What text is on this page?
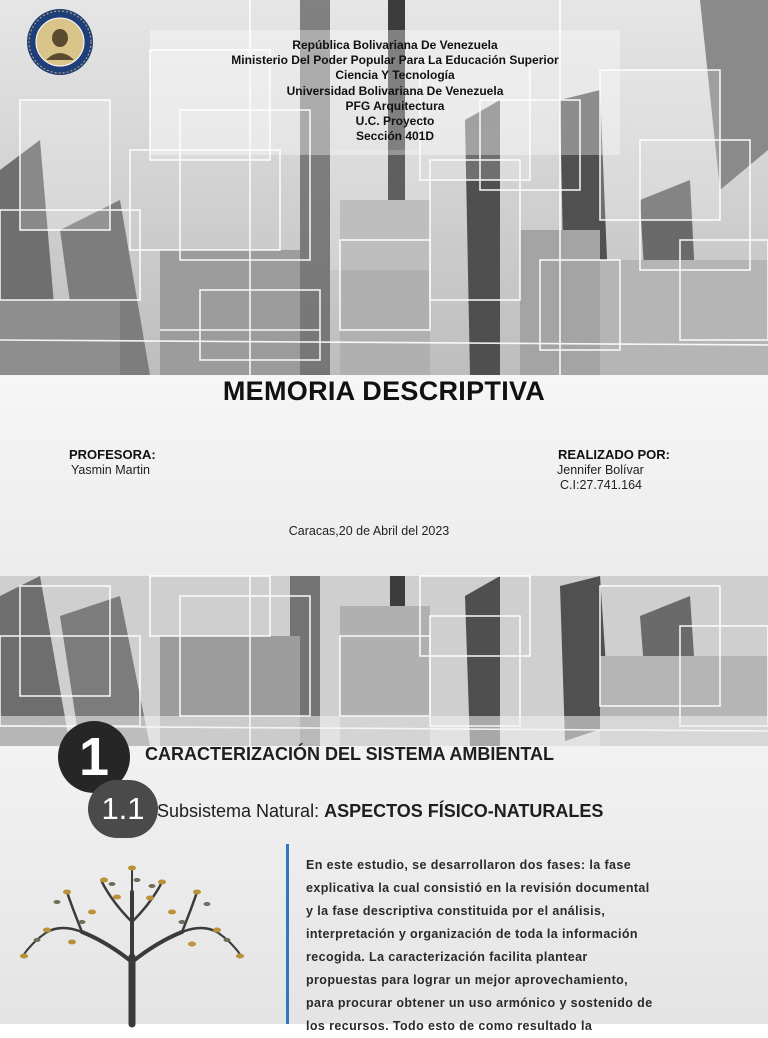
República Bolivariana De Venezuela
Ministerio Del Poder Popular Para La Educación Superior
Ciencia Y Tecnología
Universidad Bolivariana De Venezuela
PFG Arquitectura
U.C. Proyecto
Sección 401D
MEMORIA DESCRIPTIVA
PROFESORA:
Yasmin Martin
REALIZADO POR:
Jennifer Bolívar
C.I:27.741.164
Caracas,20 de Abril del 2023
1	CARACTERIZACIÓN DEL SISTEMA AMBIENTAL
1.1 Subsistema Natural: ASPECTOS FÍSICO-NATURALES
En este estudio, se desarrollaron dos fases: la fase explicativa la cual consistió en la revisión documental y la fase descriptiva constituida por el análisis, interpretación y organización de toda la información recogida. La caracterización facilita plantear propuestas para lograr un mejor aprovechamiento, para procurar obtener un uso armónico y sostenido de los recursos. Todo esto de como resultado la
